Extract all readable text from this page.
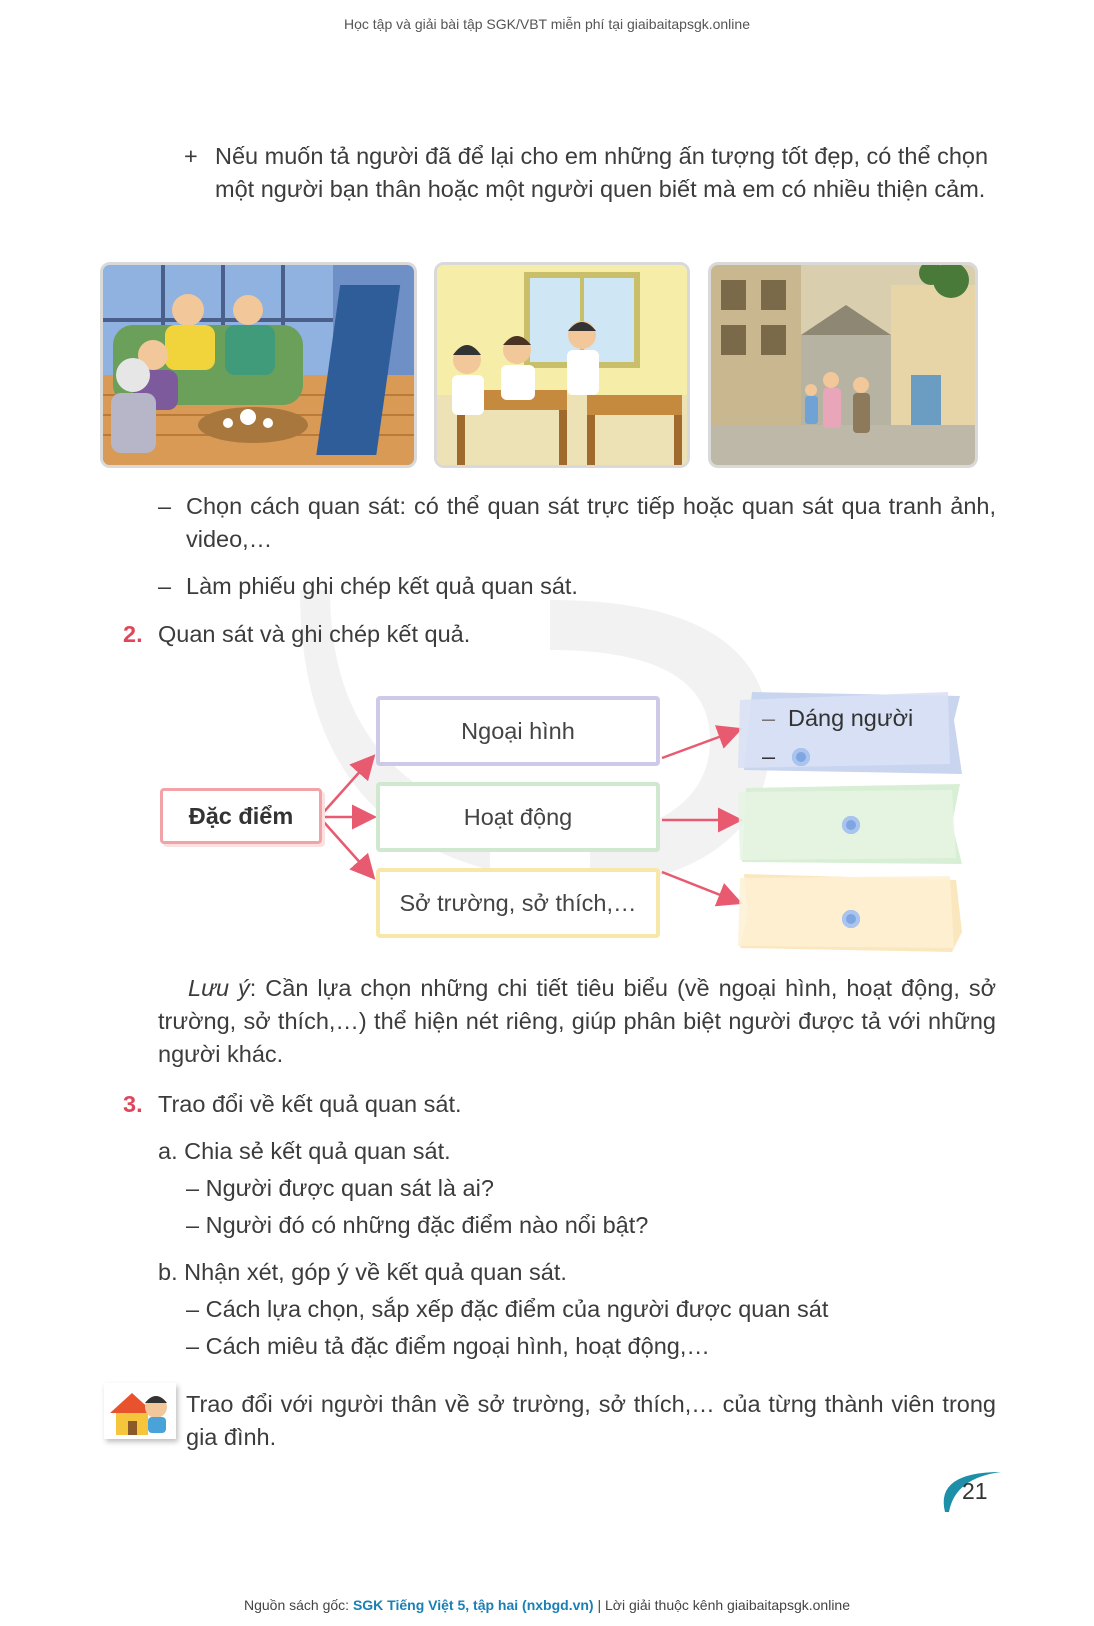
Học tập và giải bài tập SGK/VBT miễn phí tại giaibaitapsgk.online
+ Nếu muốn tả người đã để lại cho em những ấn tượng tốt đẹp, có thể chọn một người bạn thân hoặc một người quen biết mà em có nhiều thiện cảm.
– Chọn cách quan sát: có thể quan sát trực tiếp hoặc quan sát qua tranh ảnh, video,…
– Làm phiếu ghi chép kết quả quan sát.
2. Quan sát và ghi chép kết quả.
Đặc điểm
Ngoại hình
Hoạt động
Sở trường, sở thích,…
– Dáng người
–
Lưu ý: Cần lựa chọn những chi tiết tiêu biểu (về ngoại hình, hoạt động, sở trường, sở thích,…) thể hiện nét riêng, giúp phân biệt người được tả với những người khác.
3. Trao đổi về kết quả quan sát.
a. Chia sẻ kết quả quan sát.
– Người được quan sát là ai?
– Người đó có những đặc điểm nào nổi bật?
b. Nhận xét, góp ý về kết quả quan sát.
– Cách lựa chọn, sắp xếp đặc điểm của người được quan sát
– Cách miêu tả đặc điểm ngoại hình, hoạt động,…
Trao đổi với người thân về sở trường, sở thích,… của từng thành viên trong gia đình.
21
Nguồn sách gốc: SGK Tiếng Việt 5, tập hai (nxbgd.vn) | Lời giải thuộc kênh giaibaitapsgk.online
